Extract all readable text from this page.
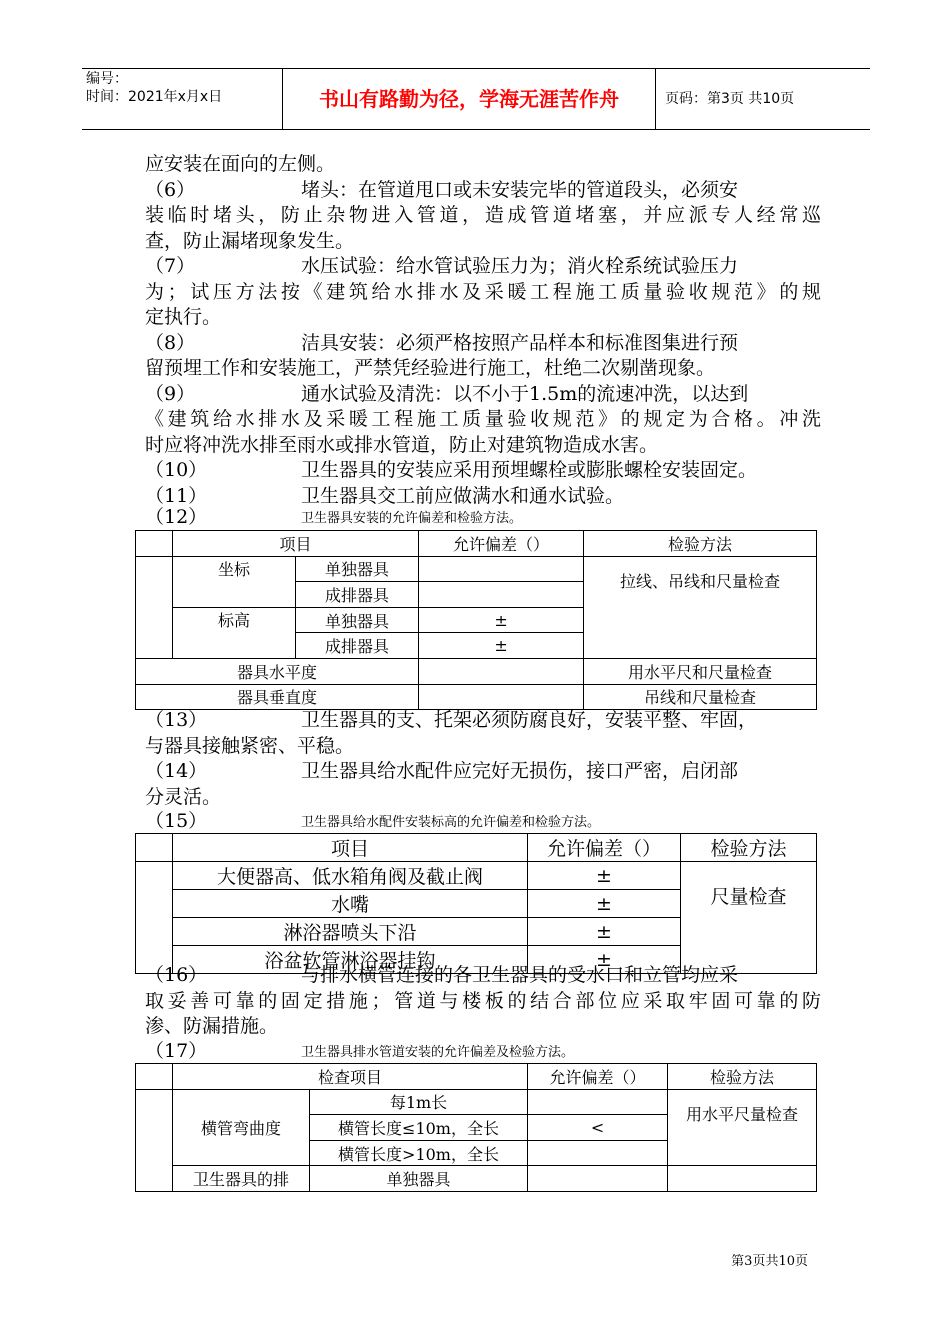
编号：
时间：2021年x月x日	书山有路勤为径，学海无涯苦作舟	页码：第3页 共10页
应安装在面向的左侧。
（6）	堵头：在管道甩口或未安装完毕的管道段头，必须安
装临时堵头，防止杂物进入管道，造成管道堵塞，并应派专人经常巡
查，防止漏堵现象发生。
（7）	水压试验：给水管试验压力为；消火栓系统试验压力
为；试压方法按《建筑给水排水及采暖工程施工质量验收规范》的规
定执行。
（8）	洁具安装：必须严格按照产品样本和标准图集进行预
留预埋工作和安装施工，严禁凭经验进行施工，杜绝二次剔凿现象。
（9）	通水试验及清洗：以不小于1.5m的流速冲洗，以达到
《建筑给水排水及采暖工程施工质量验收规范》的规定为合格。冲洗
时应将冲洗水排至雨水或排水管道，防止对建筑物造成水害。
（10）	卫生器具的安装应采用预埋螺栓或膨胀螺栓安装固定。
（11）	卫生器具交工前应做满水和通水试验。
（12）	卫生器具安装的允许偏差和检验方法。
	项目		允许偏差（）	检验方法
	坐标	单独器具		拉线、吊线和尺量检查
		成排器具		
	标高	单独器具	±	
		成排器具	±	
器具水平度				用水平尺和尺量检查
器具垂直度				吊线和尺量检查
（13）	卫生器具的支、托架必须防腐良好，安装平整、牢固，
与器具接触紧密、平稳。
（14）	卫生器具给水配件应完好无损伤，接口严密，启闭部
分灵活。
（15）	卫生器具给水配件安装标高的允许偏差和检验方法。
	项目	允许偏差（）	检验方法
	大便器高、低水箱角阀及截止阀	±	尺量检查
	水嘴	±	
	淋浴器喷头下沿	±	
	浴盆软管淋浴器挂钩	±	
（16）	与排水横管连接的各卫生器具的受水口和立管均应采
取妥善可靠的固定措施；管道与楼板的结合部位应采取牢固可靠的防
渗、防漏措施。
（17）	卫生器具排水管道安装的允许偏差及检验方法。
	检查项目		允许偏差（）	检验方法
	横管弯曲度	每1m长		用水平尺量检查
		横管长度≤10m，全长	<	
		横管长度>10m，全长		
	卫生器具的排	单独器具		
第3页共10页
